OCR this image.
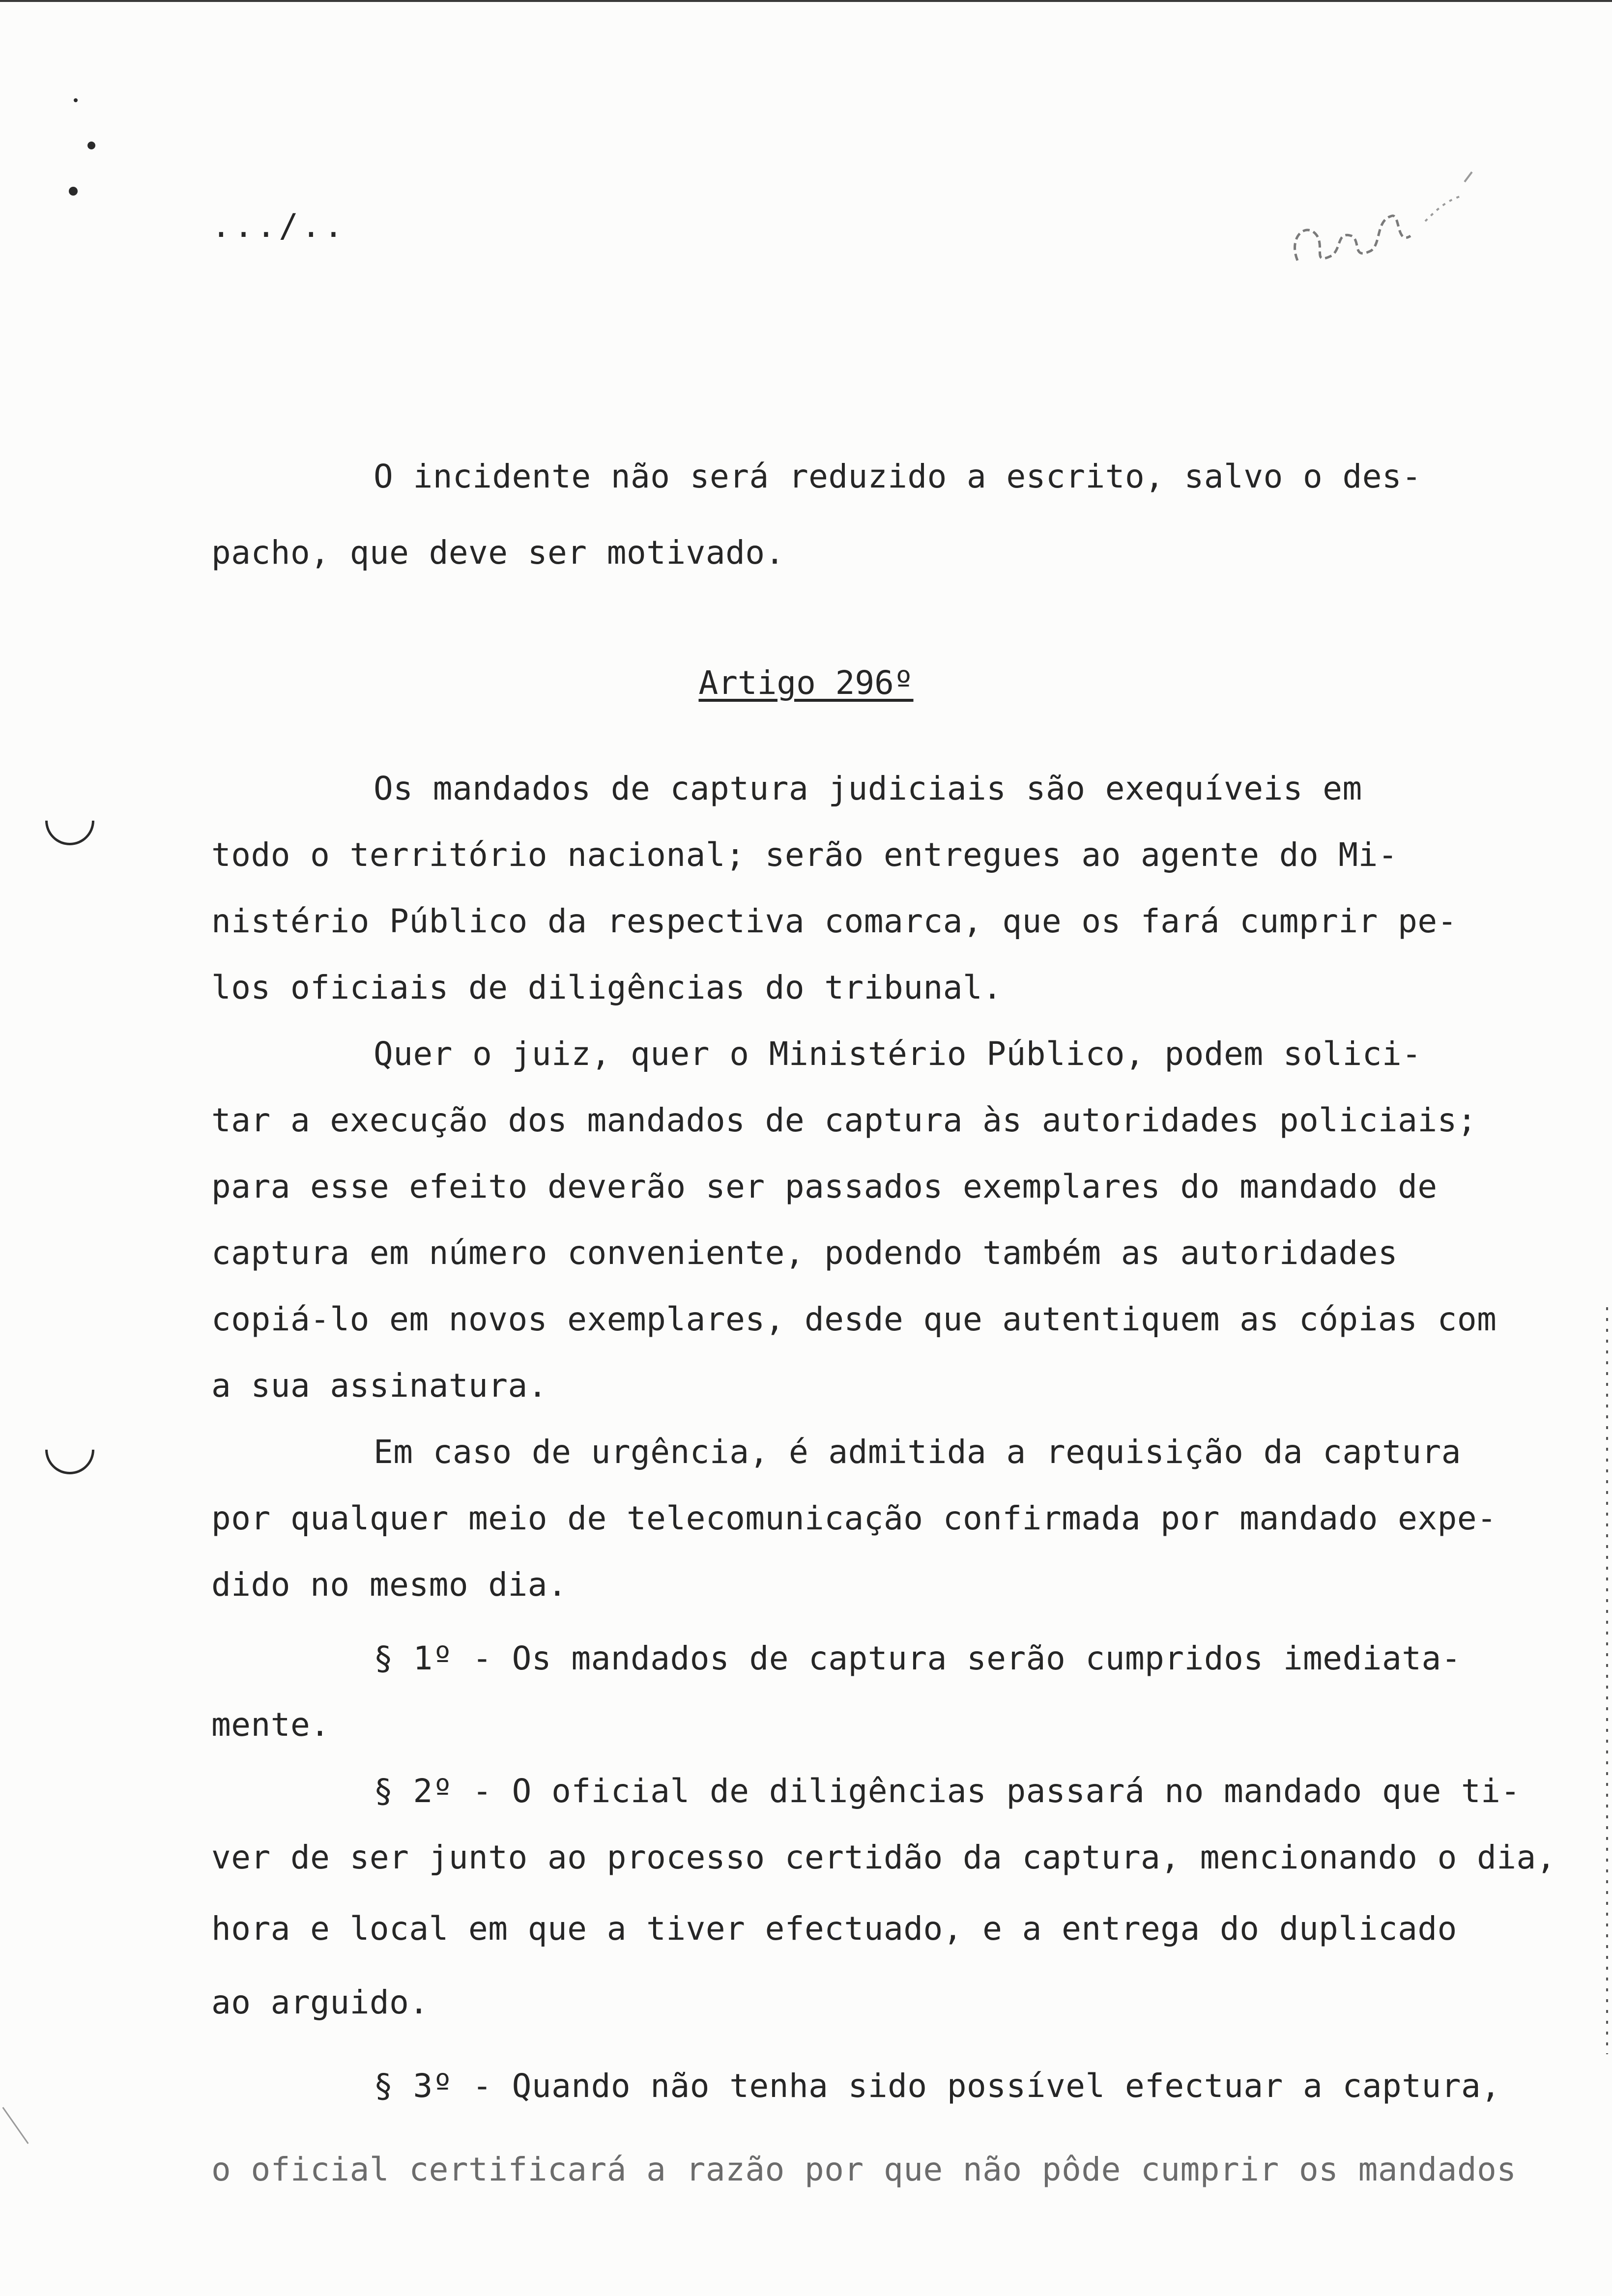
.../..
Artigo 296º
O incidente não será reduzido a escrito, salvo o des-
pacho, que deve ser motivado.
Os mandados de captura judiciais são exequíveis em
todo o território nacional; serão entregues ao agente do Mi-
nistério Público da respectiva comarca, que os fará cumprir pe-
los oficiais de diligências do tribunal.
Quer o juiz, quer o Ministério Público, podem solici-
tar a execução dos mandados de captura às autoridades policiais;
para esse efeito deverão ser passados exemplares do mandado de
captura em número conveniente, podendo também as autoridades
copiá-lo em novos exemplares, desde que autentiquem as cópias com
a sua assinatura.
Em caso de urgência, é admitida a requisição da captura
por qualquer meio de telecomunicação confirmada por mandado expe-
dido no mesmo dia.
§ 1º - Os mandados de captura serão cumpridos imediata-
mente.
§ 2º - O oficial de diligências passará no mandado que ti-
ver de ser junto ao processo certidão da captura, mencionando o dia,
hora e local em que a tiver efectuado, e a entrega do duplicado
ao arguido.
§ 3º - Quando não tenha sido possível efectuar a captura,
o oficial certificará a razão por que não pôde cumprir os mandados
